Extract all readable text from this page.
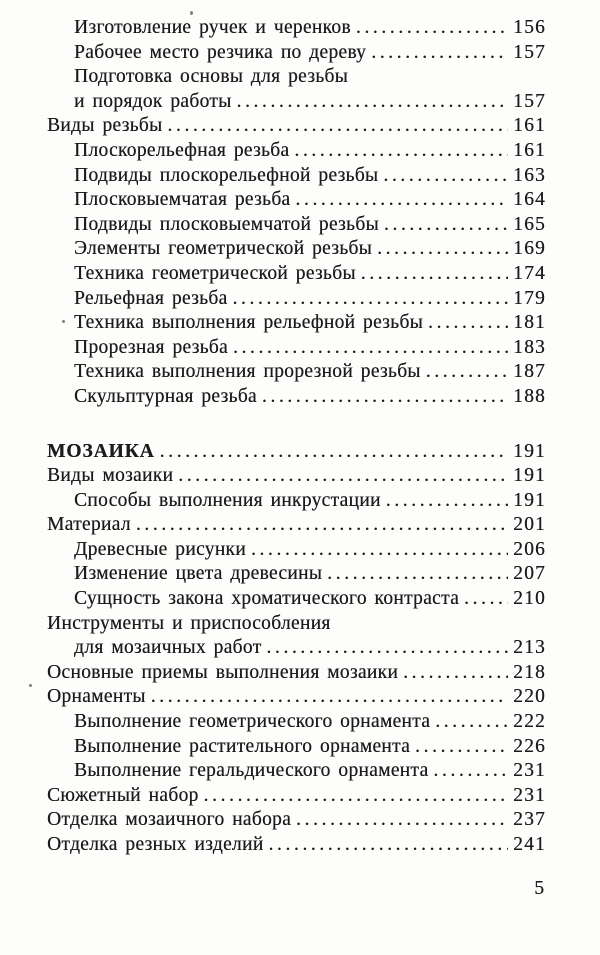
Изготовление ручек и черенков .....	156
Рабочее место резчика по дереву .....	157
Подготовка основы для резьбы
и порядок работы .....	157
Виды резьбы .....	161
Плоскорельефная резьба .....	161
Подвиды плоскорельефной резьбы .....	163
Плосковыемчатая резьба .....	164
Подвиды плосковыемчатой резьбы .....	165
Элементы геометрической резьбы .....	169
Техника геометрической резьбы .....	174
Рельефная резьба .....	179
Техника выполнения рельефной резьбы .....	181
Прорезная резьба .....	183
Техника выполнения прорезной резьбы .....	187
Скульптурная резьба .....	188
МОЗАИКА .....	191
Виды мозаики .....	191
Способы выполнения инкрустации .....	191
Материал .....	201
Древесные рисунки .....	206
Изменение цвета древесины .....	207
Сущность закона хроматического контраста .....	210
Инструменты и приспособления
для мозаичных работ .....	213
Основные приемы выполнения мозаики .....	218
Орнаменты .....	220
Выполнение геометрического орнамента .....	222
Выполнение растительного орнамента .....	226
Выполнение геральдического орнамента .....	231
Сюжетный набор .....	231
Отделка мозаичного набора .....	237
Отделка резных изделий .....	241
5
